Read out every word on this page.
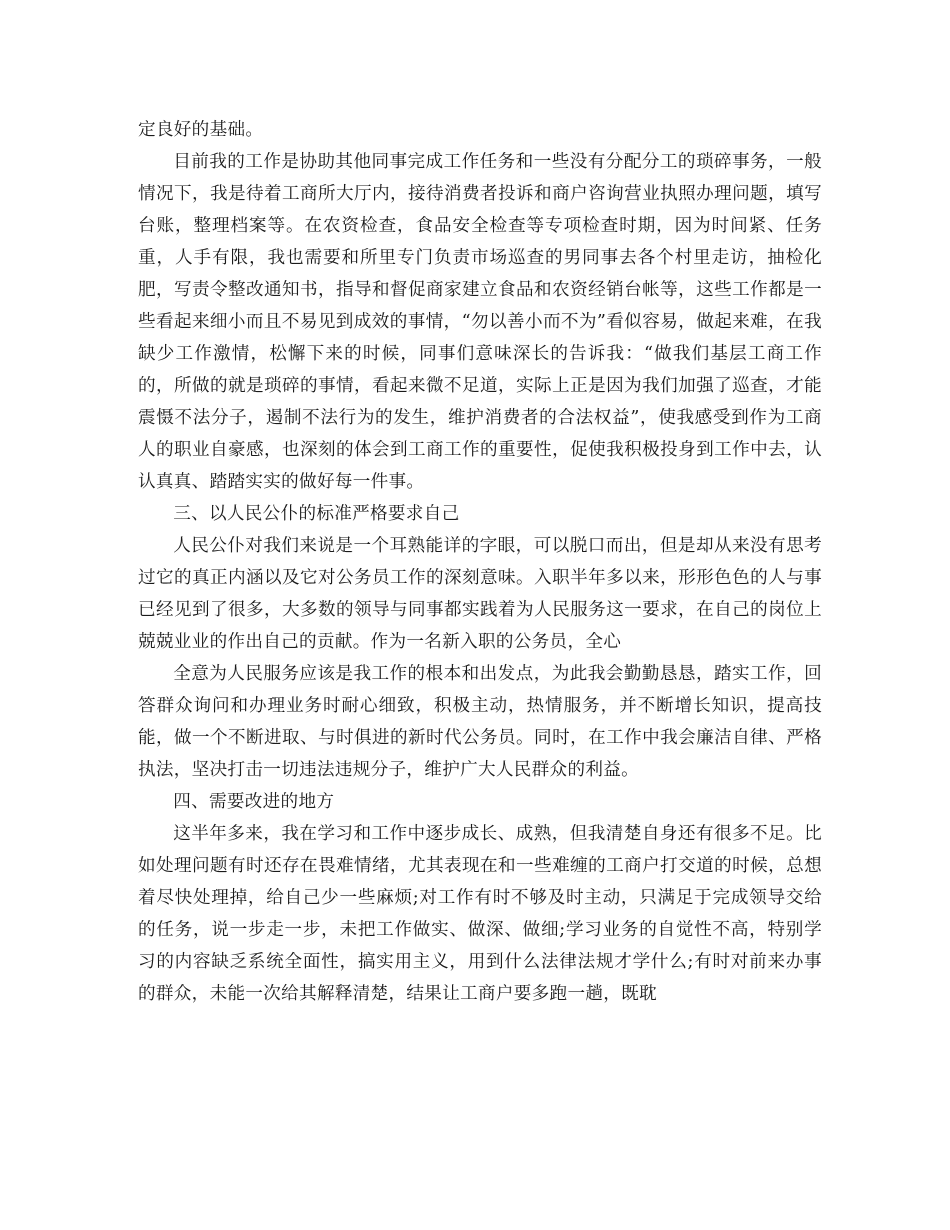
定良好的基础。

目前我的工作是协助其他同事完成工作任务和一些没有分配分工的琐碎事务，一般情况下，我是待着工商所大厅内，接待消费者投诉和商户咨询营业执照办理问题，填写台账，整理档案等。在农资检查，食品安全检查等专项检查时期，因为时间紧、任务重，人手有限，我也需要和所里专门负责市场巡查的男同事去各个村里走访，抽检化肥，写责令整改通知书，指导和督促商家建立食品和农资经销台帐等，这些工作都是一些看起来细小而且不易见到成效的事情，“勿以善小而不为”看似容易，做起来难，在我缺少工作激情，松懈下来的时候，同事们意味深长的告诉我：“做我们基层工商工作的，所做的就是琐碎的事情，看起来微不足道，实际上正是因为我们加强了巡查，才能震慑不法分子，遏制不法行为的发生，维护消费者的合法权益”，使我感受到作为工商人的职业自豪感，也深刻的体会到工商工作的重要性，促使我积极投身到工作中去，认认真真、踏踏实实的做好每一件事。

三、以人民公仆的标准严格要求自己

人民公仆对我们来说是一个耳熟能详的字眼，可以脱口而出，但是却从来没有思考过它的真正内涵以及它对公务员工作的深刻意味。入职半年多以来，形形色色的人与事已经见到了很多，大多数的领导与同事都实践着为人民服务这一要求，在自己的岗位上兢兢业业的作出自己的贡献。作为一名新入职的公务员，全心

全意为人民服务应该是我工作的根本和出发点，为此我会勤勤恳恳，踏实工作，回答群众询问和办理业务时耐心细致，积极主动，热情服务，并不断增长知识，提高技能，做一个不断进取、与时俱进的新时代公务员。同时，在工作中我会廉洁自律、严格执法，坚决打击一切违法违规分子，维护广大人民群众的利益。

四、需要改进的地方

这半年多来，我在学习和工作中逐步成长、成熟，但我清楚自身还有很多不足。比如处理问题有时还存在畏难情绪，尤其表现在和一些难缠的工商户打交道的时候，总想着尽快处理掉，给自己少一些麻烦;对工作有时不够及时主动，只满足于完成领导交给的任务，说一步走一步，未把工作做实、做深、做细;学习业务的自觉性不高，特别学习的内容缺乏系统全面性，搞实用主义，用到什么法律法规才学什么;有时对前来办事的群众，未能一次给其解释清楚，结果让工商户要多跑一趟，既耽
